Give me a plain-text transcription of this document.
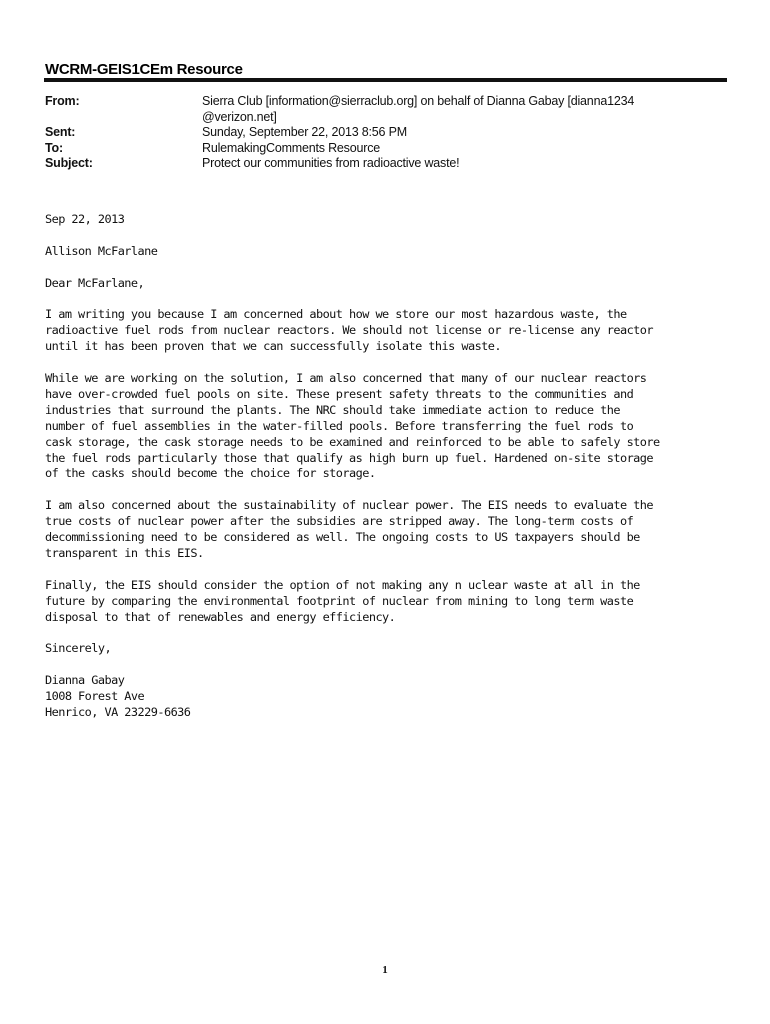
WCRM-GEIS1CEm Resource
From:	Sierra Club [information@sierraclub.org] on behalf of Dianna Gabay [dianna1234
@verizon.net]
Sent:	Sunday, September 22, 2013 8:56 PM
To:	RulemakingComments Resource
Subject:	Protect our communities from radioactive waste!

Sep 22, 2013

Allison McFarlane

Dear McFarlane,

I am writing you because I am concerned about how we store our most hazardous waste, the
radioactive fuel rods from nuclear reactors. We should not license or re-license any reactor
until it has been proven that we can successfully isolate this waste.

While we are working on the solution, I am also concerned that many of our nuclear reactors
have over-crowded fuel pools on site. These present safety threats to the communities and
industries that surround the plants. The NRC should take immediate action to reduce the
number of fuel assemblies in the water-filled pools. Before transferring the fuel rods to
cask storage, the cask storage needs to be examined and reinforced to be able to safely store
the fuel rods particularly those that qualify as high burn up fuel. Hardened on-site storage
of the casks should become the choice for storage.

I am also concerned about the sustainability of nuclear power. The EIS needs to evaluate the
true costs of nuclear power after the subsidies are stripped away. The long-term costs of
decommissioning need to be considered as well. The ongoing costs to US taxpayers should be
transparent in this EIS.

Finally, the EIS should consider the option of not making any n uclear waste at all in the
future by comparing the environmental footprint of nuclear from mining to long term waste
disposal to that of renewables and energy efficiency.

Sincerely,

Dianna Gabay

1008 Forest Ave

Henrico, VA 23229-6636

1
